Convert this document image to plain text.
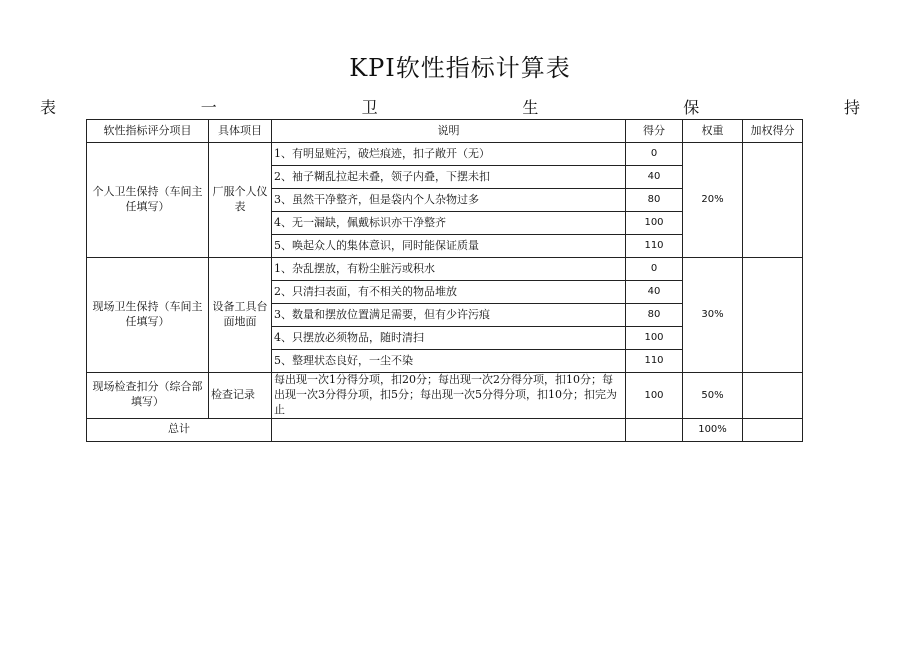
KPI软性指标计算表
表	一	卫	生	保	持
软性指标评分项目	具体项目	说明	得分	权重	加权得分
个人卫生保持（车间主任填写）	厂服个人仪表	1、有明显赃污，破烂痕迹，扣子敞开（无）	0	20%	
		2、袖子糊乱拉起未叠，领子内叠，下摆未扣	40		
		3、虽然干净整齐，但是袋内个人杂物过多	80		
		4、无一漏缺，佩戴标识亦干净整齐	100		
		5、唤起众人的集体意识，同时能保证质量	110		
现场卫生保持（车间主任填写）	设备工具台面地面	1、杂乱摆放，有粉尘脏污或积水	0	30%	
		2、只清扫表面，有不相关的物品堆放	40		
		3、数量和摆放位置满足需要，但有少许污痕	80		
		4、只摆放必须物品，随时清扫	100		
		5、整理状态良好，一尘不染	110		
现场检查扣分（综合部填写）	检查记录	每出现一次1分得分项，扣20分；每出现一次2分得分项，扣10分；每出现一次3分得分项，扣5分；每出现一次5分得分项，扣10分；扣完为止	100	50%	
总计				100%	
